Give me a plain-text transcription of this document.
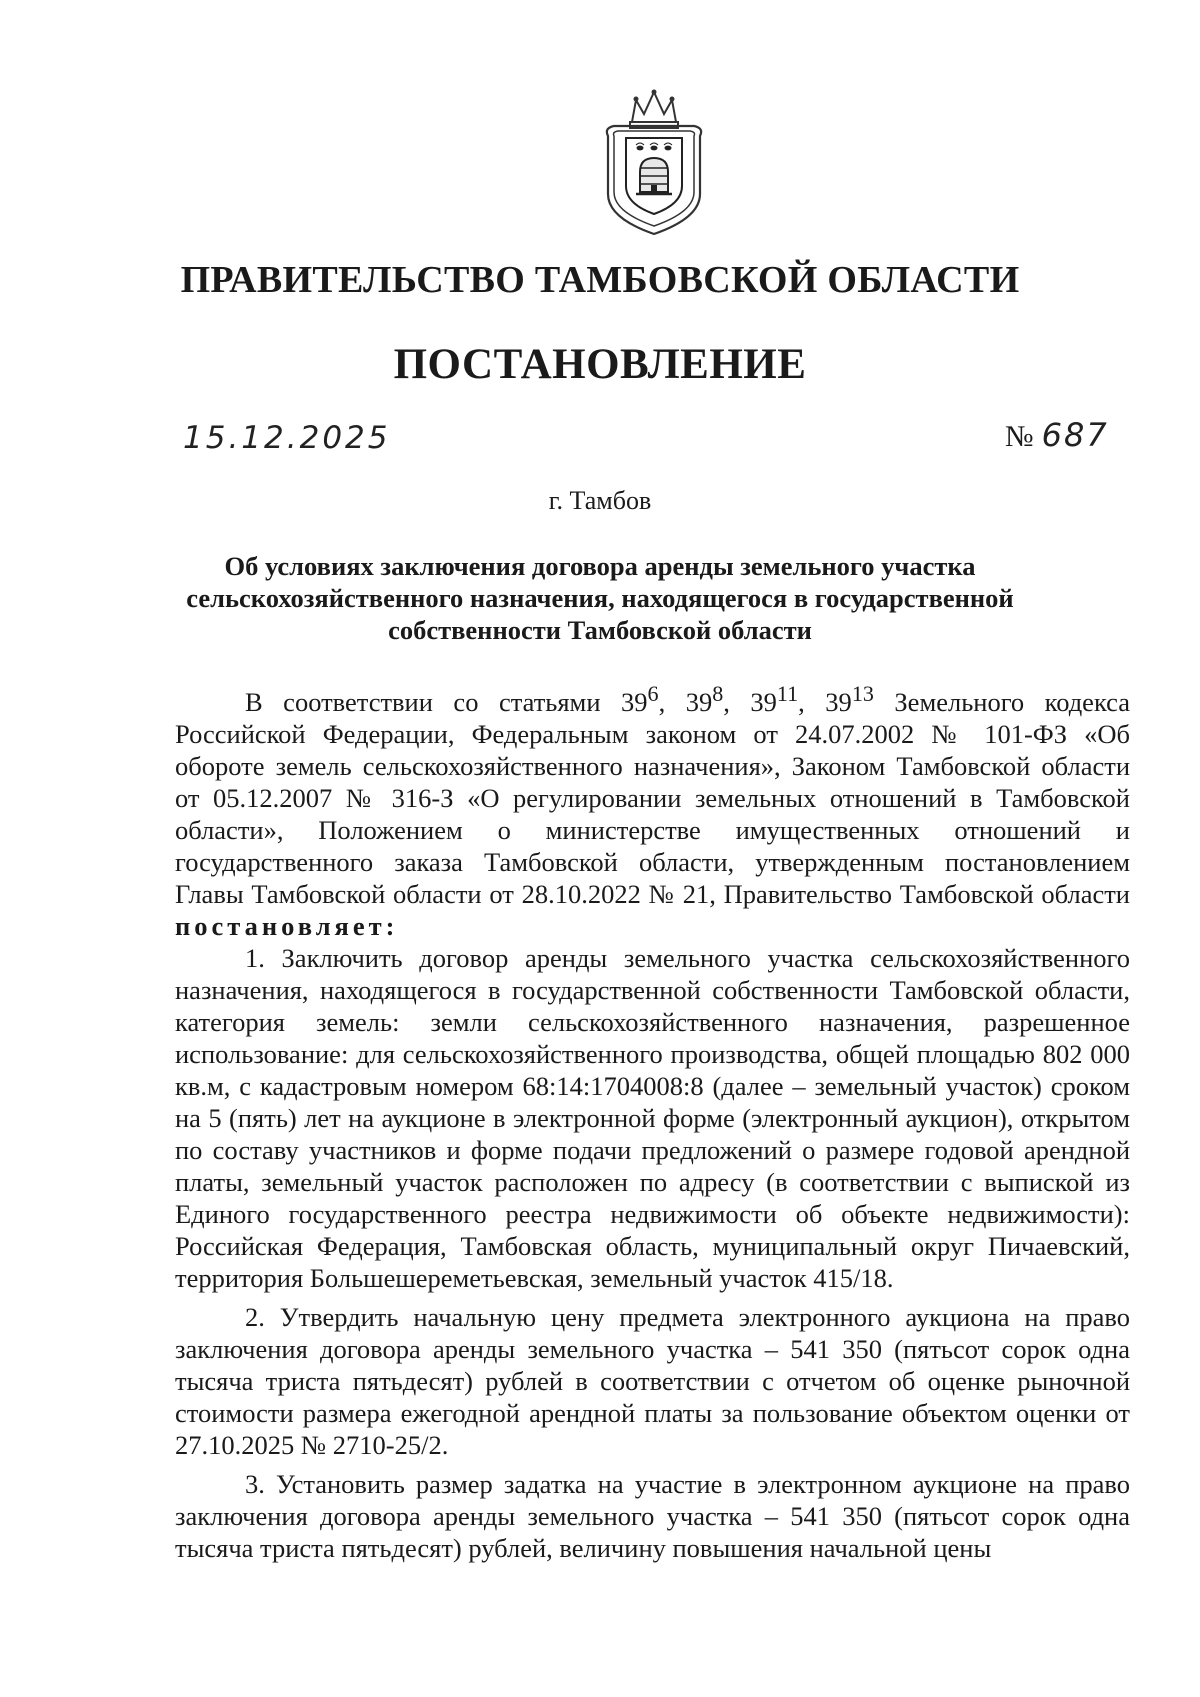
ПРАВИТЕЛЬСТВО ТАМБОВСКОЙ ОБЛАСТИ
ПОСТАНОВЛЕНИЕ
15.12.2025	№ 687
г. Тамбов
Об условиях заключения договора аренды земельного участка
сельскохозяйственного назначения, находящегося в государственной
собственности Тамбовской области

В соответствии со статьями $39^6$, $39^8$, $39^{11}$, $39^{13}$ Земельного кодекса Российской Федерации, Федеральным законом от 24.07.2002 № 101-ФЗ «Об обороте земель сельскохозяйственного назначения», Законом Тамбовской области от 05.12.2007 № 316-З «О регулировании земельных отношений в Тамбовской области», Положением о министерстве имущественных отношений и государственного заказа Тамбовской области, утвержденным постановлением Главы Тамбовской области от 28.10.2022 № 21, Правительство Тамбовской области постановляет:

1. Заключить договор аренды земельного участка сельскохозяйственного назначения, находящегося в государственной собственности Тамбовской области, категория земель: земли сельскохозяйственного назначения, разрешенное использование: для сельскохозяйственного производства, общей площадью 802 000 кв.м, с кадастровым номером 68:14:1704008:8 (далее – земельный участок) сроком на 5 (пять) лет на аукционе в электронной форме (электронный аукцион), открытом по составу участников и форме подачи предложений о размере годовой арендной платы, земельный участок расположен по адресу (в соответствии с выпиской из Единого государственного реестра недвижимости об объекте недвижимости): Российская Федерация, Тамбовская область, муниципальный округ Пичаевский, территория Большешереметьевская, земельный участок 415/18.

2. Утвердить начальную цену предмета электронного аукциона на право заключения договора аренды земельного участка – 541 350 (пятьсот сорок одна тысяча триста пятьдесят) рублей в соответствии с отчетом об оценке рыночной стоимости размера ежегодной арендной платы за пользование объектом оценки от 27.10.2025 № 2710-25/2.

3. Установить размер задатка на участие в электронном аукционе на право заключения договора аренды земельного участка – 541 350 (пятьсот сорок одна тысяча триста пятьдесят) рублей, величину повышения начальной цены
